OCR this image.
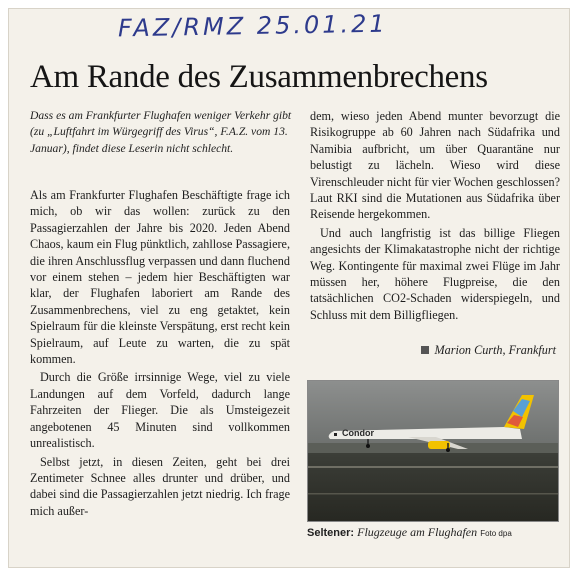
FAZ/RMZ 25.01.21
Am Rande des Zusammenbrechens
Dass es am Frankfurter Flughafen weniger Verkehr gibt (zu „Luftfahrt im Würgegriff des Virus“, F.A.Z. vom 13. Januar), findet diese Leserin nicht schlecht.

Als am Frankfurter Flughafen Beschäftigte frage ich mich, ob wir das wollen: zurück zu den Passagierzahlen der Jahre bis 2020. Jeden Abend Chaos, kaum ein Flug pünktlich, zahllose Passagiere, die ihren Anschlussflug verpassen und dann fluchend vor einem stehen – jedem hier Beschäftigten war klar, der Flughafen laboriert am Rande des Zusammenbrechens, viel zu eng getaktet, kein Spielraum für die kleinste Verspätung, erst recht kein Spielraum, auf Leute zu warten, die zu spät kommen.

Durch die Größe irrsinnige Wege, viel zu viele Landungen auf dem Vorfeld, dadurch lange Fahrzeiten der Flieger. Die als Umsteigezeit angebotenen 45 Minuten sind vollkommen unrealistisch.

Selbst jetzt, in diesen Zeiten, geht bei drei Zentimeter Schnee alles drunter und drüber, und dabei sind die Passagierzahlen jetzt niedrig. Ich frage mich außer-

dem, wieso jeden Abend munter bevorzugt die Risikogruppe ab 60 Jahren nach Südafrika und Namibia aufbricht, um über Quarantäne nur belustigt zu lächeln. Wieso wird diese Virenschleuder nicht für vier Wochen geschlossen? Laut RKI sind die Mutationen aus Südafrika über Reisende hergekommen.

Und auch langfristig ist das billige Fliegen angesichts der Klimakatastrophe nicht der richtige Weg. Kontingente für maximal zwei Flüge im Jahr müssen her, höhere Flugpreise, die den tatsächlichen CO2-Schaden widerspiegeln, und Schluss mit dem Billigfliegen.

Marion Curth, Frankfurt
Condor
Seltener: Flugzeuge am Flughafen Foto dpa
